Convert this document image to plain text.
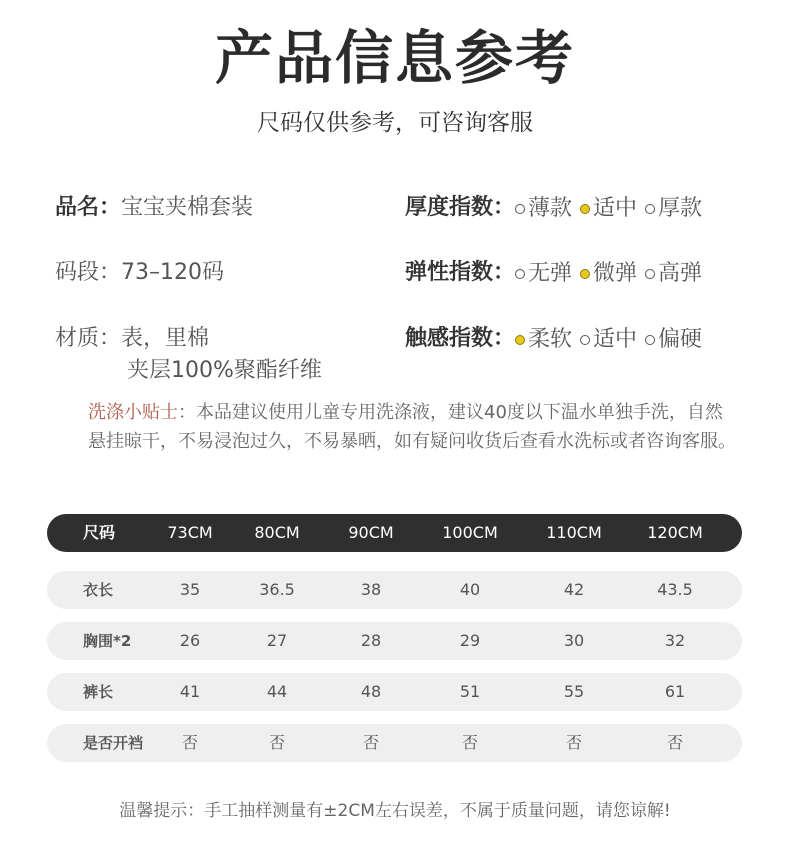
产品信息参考
尺码仅供参考，可咨询客服
品名：宝宝夹棉套装
码段：73–120码
材质：表，里棉
夹层100%聚酯纤维
厚度指数： 薄款 适中 厚款
弹性指数： 无弹 微弹 高弹
触感指数： 柔软 适中 偏硬
洗涤小贴士：本品建议使用儿童专用洗涤液，建议40度以下温水单独手洗，自然悬挂晾干，不易浸泡过久，不易暴晒，如有疑问收货后查看水洗标或者咨询客服。
尺码	73CM	80CM	90CM	100CM	110CM	120CM
衣长	35	36.5	38	40	42	43.5
胸围*2	26	27	28	29	30	32
裤长	41	44	48	51	55	61
是否开裆	否	否	否	否	否	否
温馨提示：手工抽样测量有±2CM左右误差，不属于质量问题，请您谅解!
